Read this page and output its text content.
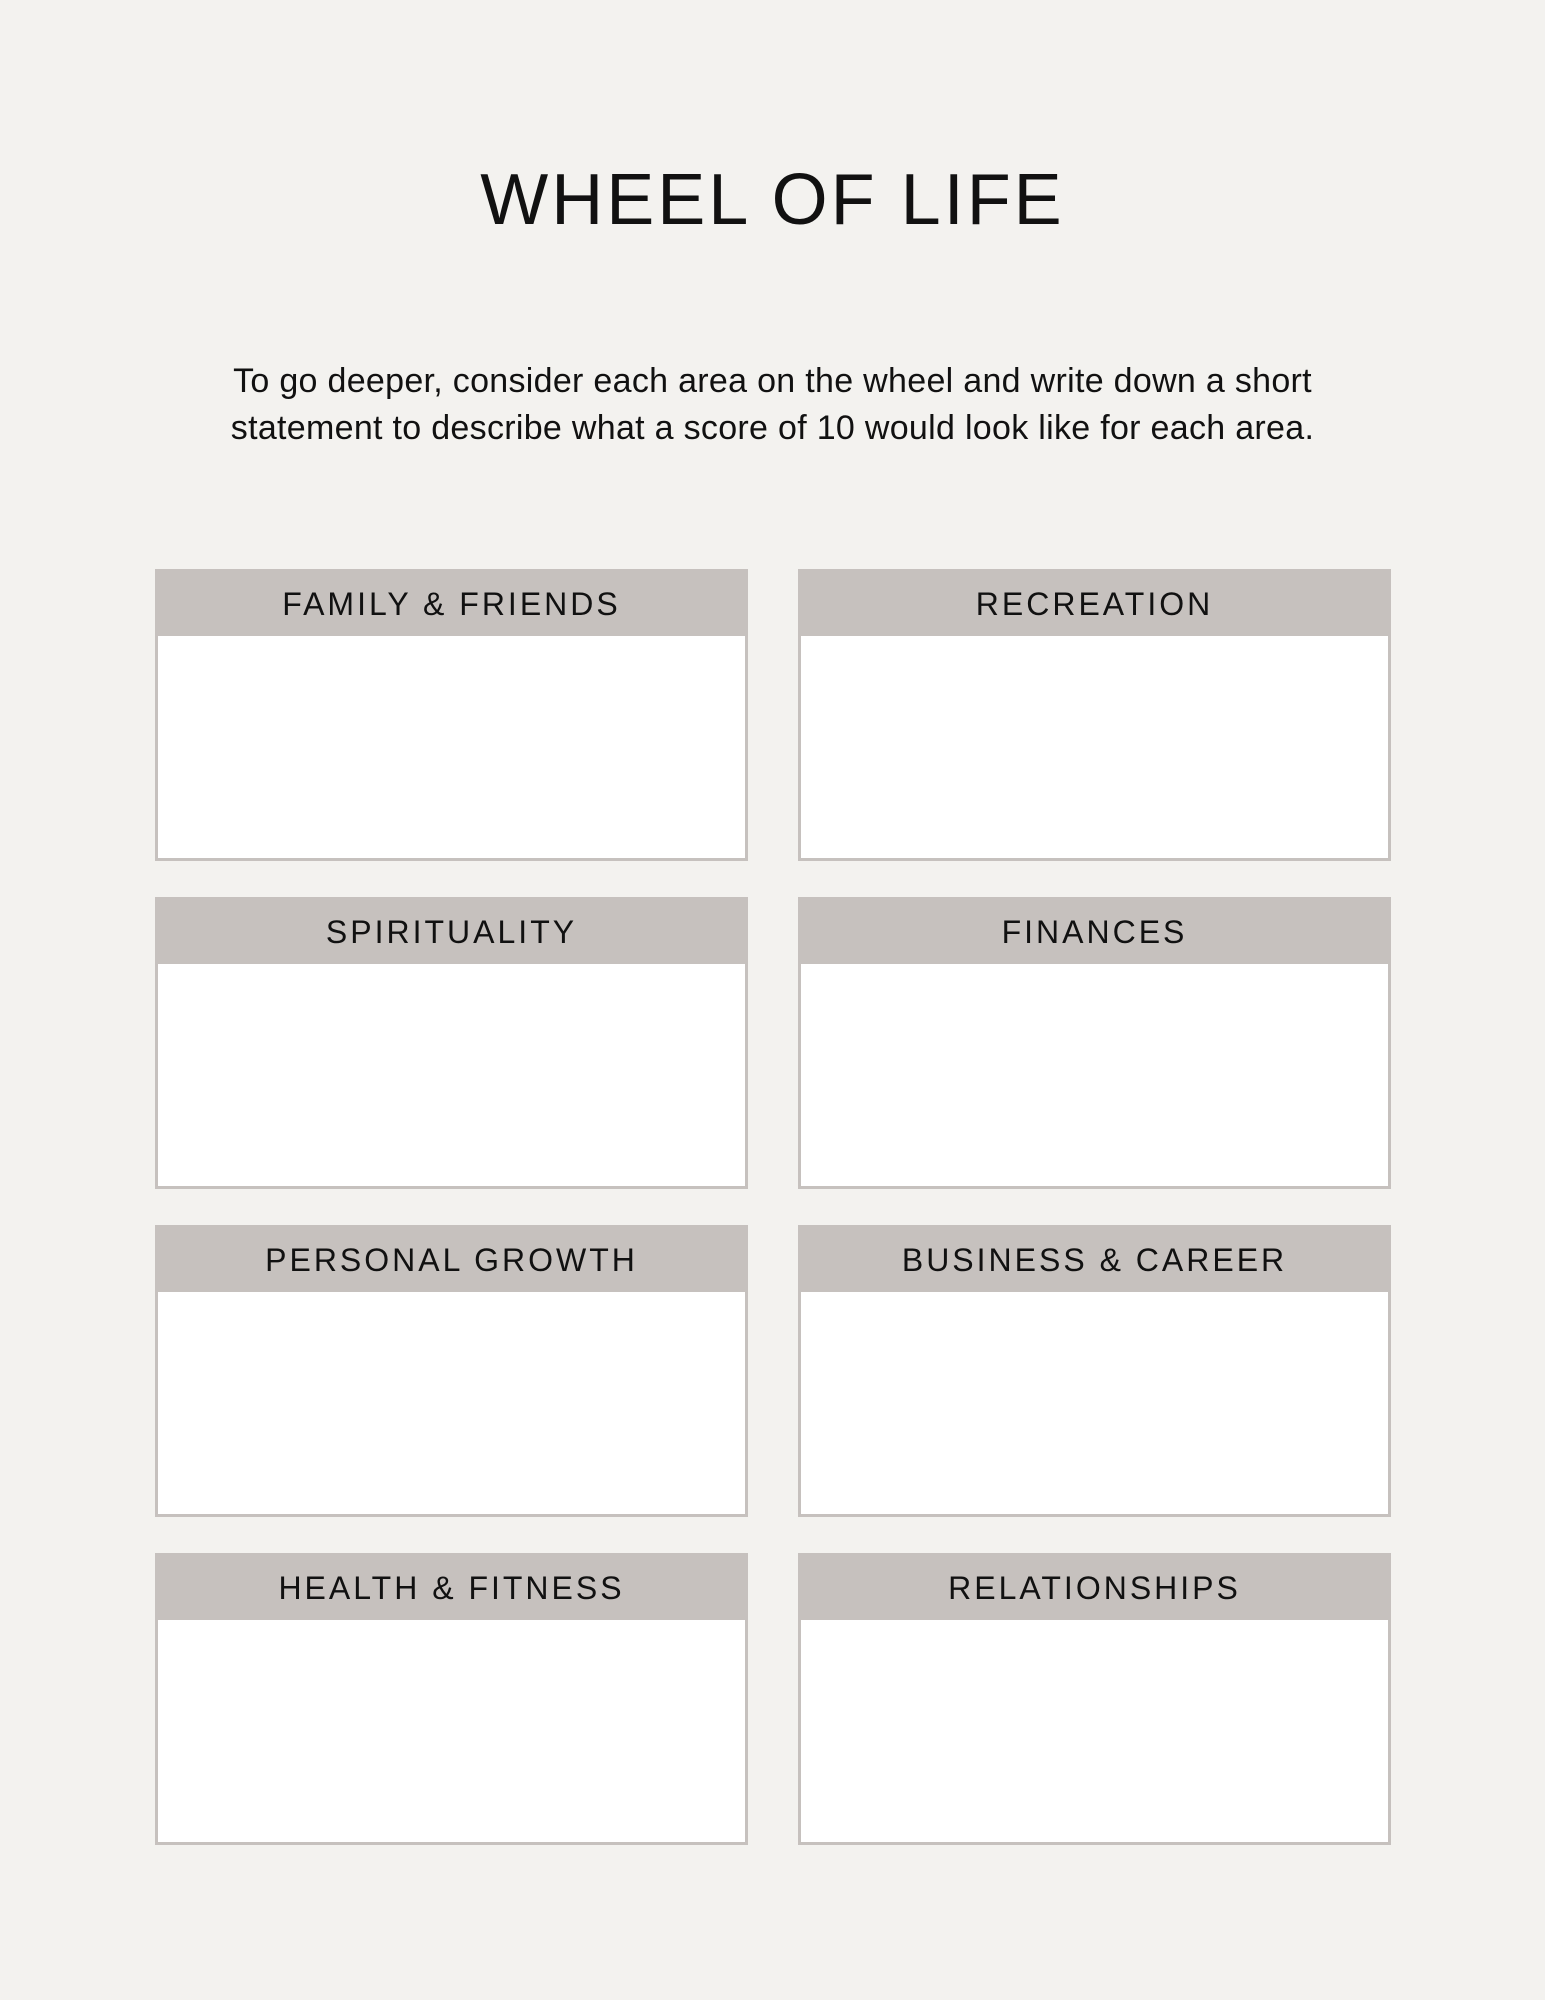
WHEEL OF LIFE

To go deeper, consider each area on the wheel and write down a short
statement to describe what a score of 10 would look like for each area.

FAMILY & FRIENDS	RECREATION
SPIRITUALITY	FINANCES
PERSONAL GROWTH	BUSINESS & CAREER
HEALTH & FITNESS	RELATIONSHIPS
